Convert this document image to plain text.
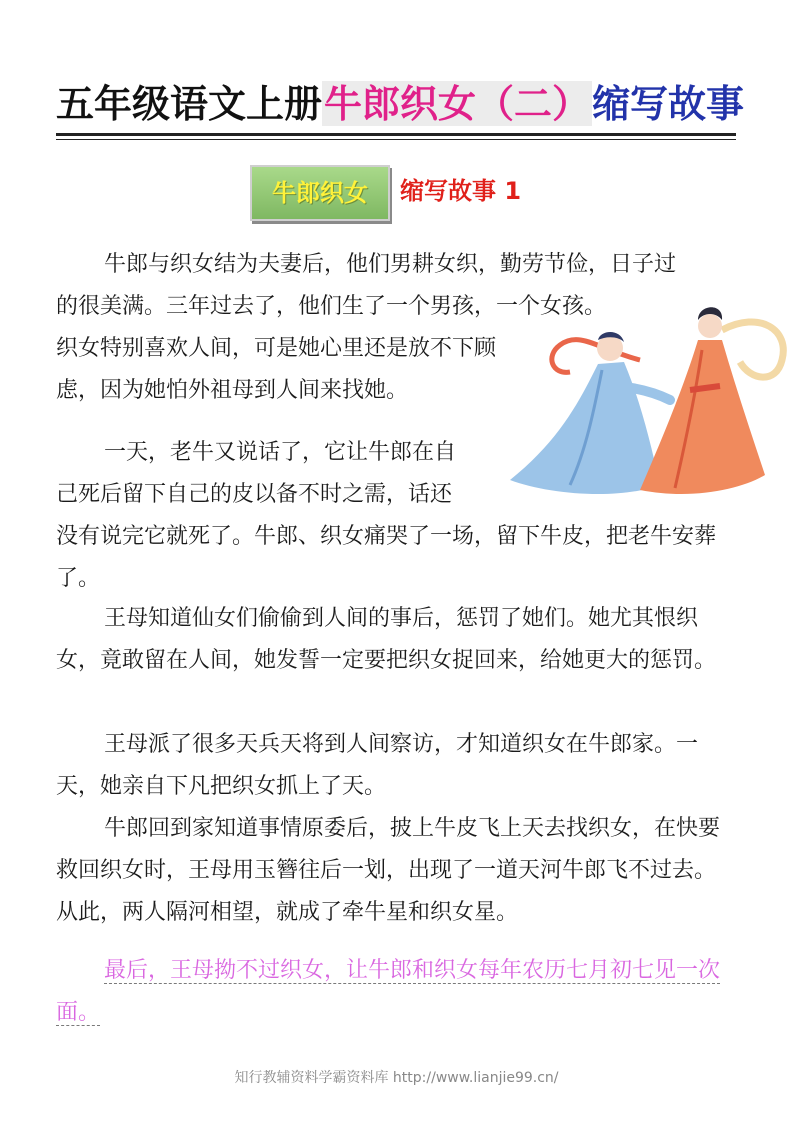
五年级语文上册牛郎织女（二）缩写故事
牛郎织女	缩写故事 1
牛郎与织女结为夫妻后，他们男耕女织，勤劳节俭，日子过
的很美满。三年过去了，他们生了一个男孩，一个女孩。
织女特别喜欢人间，可是她心里还是放不下顾
虑，因为她怕外祖母到人间来找她。
一天，老牛又说话了，它让牛郎在自
己死后留下自己的皮以备不时之需，话还

没有说完它就死了。牛郎、织女痛哭了一场，留下牛皮，把老牛安葬了。

王母知道仙女们偷偷到人间的事后，惩罚了她们。她尤其恨织女，竟敢留在人间，她发誓一定要把织女捉回来，给她更大的惩罚。

王母派了很多天兵天将到人间察访，才知道织女在牛郎家。一天，她亲自下凡把织女抓上了天。

牛郎回到家知道事情原委后，披上牛皮飞上天去找织女，在快要救回织女时，王母用玉簪往后一划，出现了一道天河牛郎飞不过去。从此，两人隔河相望，就成了牵牛星和织女星。

最后，王母拗不过织女，让牛郎和织女每年农历七月初七见一次面。

知行教辅资料学霸资料库 http://www.lianjie99.cn/
